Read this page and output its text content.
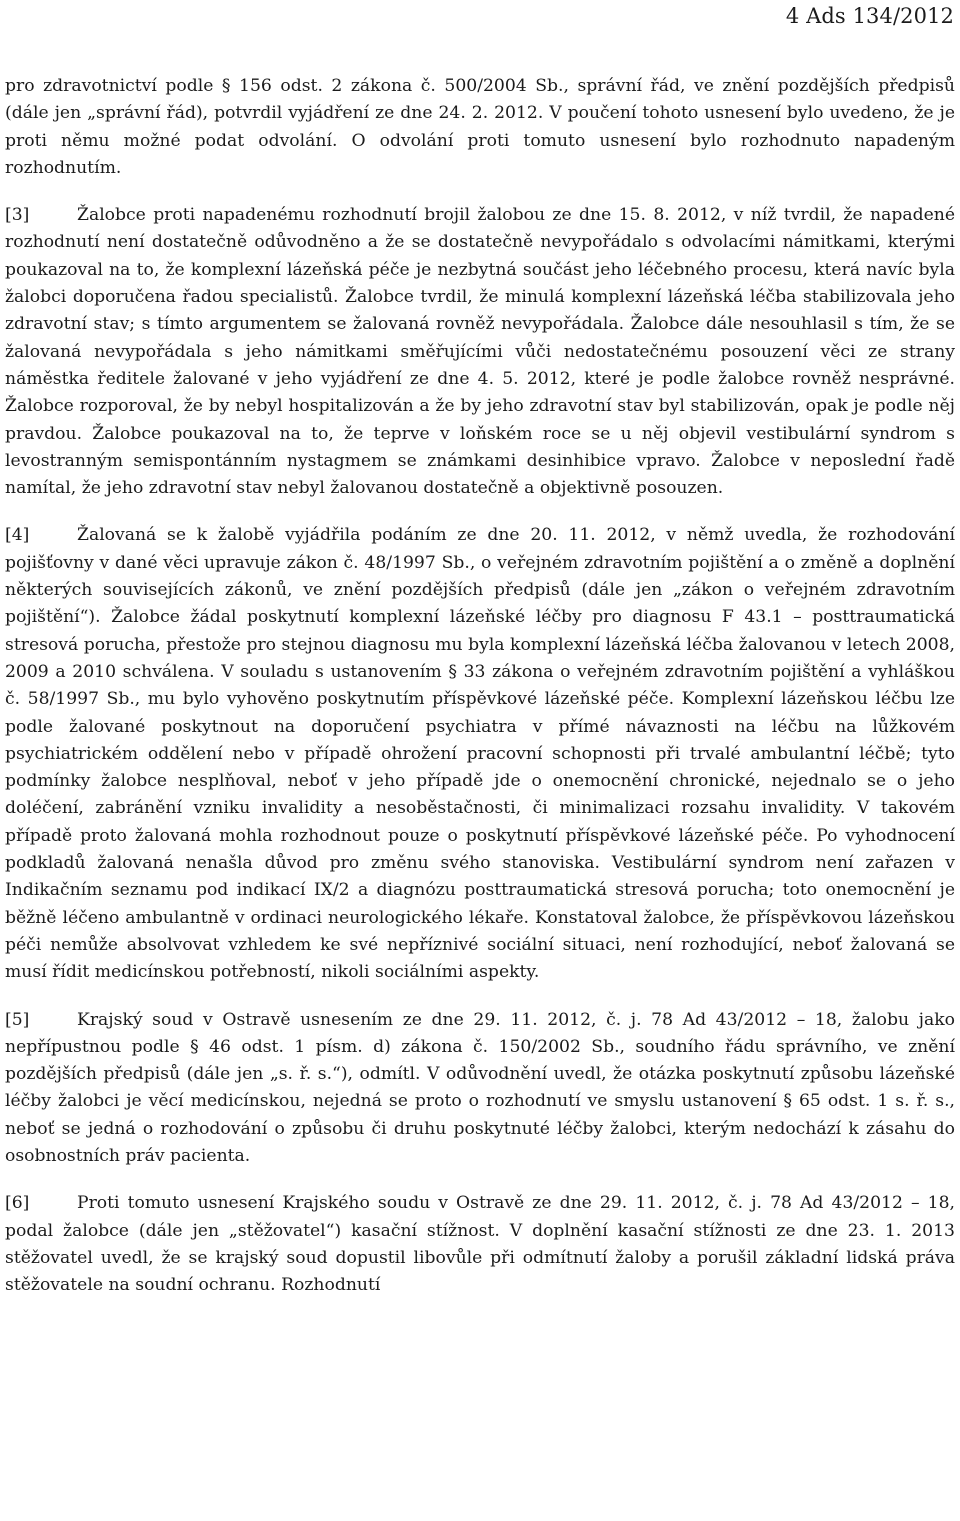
4 Ads 134/2012

pro zdravotnictví podle § 156 odst. 2 zákona č. 500/2004 Sb., správní řád, ve znění pozdějších předpisů (dále jen „správní řád), potvrdil vyjádření ze dne 24. 2. 2012. V poučení tohoto usnesení bylo uvedeno, že je proti němu možné podat odvolání. O odvolání proti tomuto usnesení bylo rozhodnuto napadeným rozhodnutím.

[3]	Žalobce proti napadenému rozhodnutí brojil žalobou ze dne 15. 8. 2012, v níž tvrdil, že napadené rozhodnutí není dostatečně odůvodněno a že se dostatečně nevypořádalo s odvolacími námitkami, kterými poukazoval na to, že komplexní lázeňská péče je nezbytná součást jeho léčebného procesu, která navíc byla žalobci doporučena řadou specialistů. Žalobce tvrdil, že minulá komplexní lázeňská léčba stabilizovala jeho zdravotní stav; s tímto argumentem se žalovaná rovněž nevypořádala. Žalobce dále nesouhlasil s tím, že se žalovaná nevypořádala s jeho námitkami směřujícími vůči nedostatečnému posouzení věci ze strany náměstka ředitele žalované v jeho vyjádření ze dne 4. 5. 2012, které je podle žalobce rovněž nesprávné. Žalobce rozporoval, že by nebyl hospitalizován a že by jeho zdravotní stav byl stabilizován, opak je podle něj pravdou. Žalobce poukazoval na to, že teprve v loňském roce se u něj objevil vestibulární syndrom s levostranným semispontánním nystagmem se známkami desinhibice vpravo. Žalobce v neposlední řadě namítal, že jeho zdravotní stav nebyl žalovanou dostatečně a objektivně posouzen.

[4]	Žalovaná se k žalobě vyjádřila podáním ze dne 20. 11. 2012, v němž uvedla, že rozhodování pojišťovny v dané věci upravuje zákon č. 48/1997 Sb., o veřejném zdravotním pojištění a o změně a doplnění některých souvisejících zákonů, ve znění pozdějších předpisů (dále jen „zákon o veřejném zdravotním pojištění“). Žalobce žádal poskytnutí komplexní lázeňské léčby pro diagnosu F 43.1 – posttraumatická stresová porucha, přestože pro stejnou diagnosu mu byla komplexní lázeňská léčba žalovanou v letech 2008, 2009 a 2010 schválena. V souladu s ustanovením § 33 zákona o veřejném zdravotním pojištění a vyhláškou č. 58/1997 Sb., mu bylo vyhověno poskytnutím příspěvkové lázeňské péče. Komplexní lázeňskou léčbu lze podle žalované poskytnout na doporučení psychiatra v přímé návaznosti na léčbu na lůžkovém psychiatrickém oddělení nebo v případě ohrožení pracovní schopnosti při trvalé ambulantní léčbě; tyto podmínky žalobce nesplňoval, neboť v jeho případě jde o onemocnění chronické, nejednalo se o jeho doléčení, zabránění vzniku invalidity a nesoběstačnosti, či minimalizaci rozsahu invalidity. V takovém případě proto žalovaná mohla rozhodnout pouze o poskytnutí příspěvkové lázeňské péče. Po vyhodnocení podkladů žalovaná nenašla důvod pro změnu svého stanoviska. Vestibulární syndrom není zařazen v Indikačním seznamu pod indikací IX/2 a diagnózu posttraumatická stresová porucha; toto onemocnění je běžně léčeno ambulantně v ordinaci neurologického lékaře. Konstatoval žalobce, že příspěvkovou lázeňskou péči nemůže absolvovat vzhledem ke své nepříznivé sociální situaci, není rozhodující, neboť žalovaná se musí řídit medicínskou potřebností, nikoli sociálními aspekty.

[5]	Krajský soud v Ostravě usnesením ze dne 29. 11. 2012, č. j. 78 Ad 43/2012 – 18, žalobu jako nepřípustnou podle § 46 odst. 1 písm. d) zákona č. 150/2002 Sb., soudního řádu správního, ve znění pozdějších předpisů (dále jen „s. ř. s.“), odmítl. V odůvodnění uvedl, že otázka poskytnutí způsobu lázeňské léčby žalobci je věcí medicínskou, nejedná se proto o rozhodnutí ve smyslu ustanovení § 65 odst. 1 s. ř. s., neboť se jedná o rozhodování o způsobu či druhu poskytnuté léčby žalobci, kterým nedochází k zásahu do osobnostních práv pacienta.

[6]	Proti tomuto usnesení Krajského soudu v Ostravě ze dne 29. 11. 2012, č. j. 78 Ad 43/2012 – 18, podal žalobce (dále jen „stěžovatel“) kasační stížnost. V doplnění kasační stížnosti ze dne 23. 1. 2013 stěžovatel uvedl, že se krajský soud dopustil libovůle při odmítnutí žaloby a porušil základní lidská práva stěžovatele na soudní ochranu. Rozhodnutí
